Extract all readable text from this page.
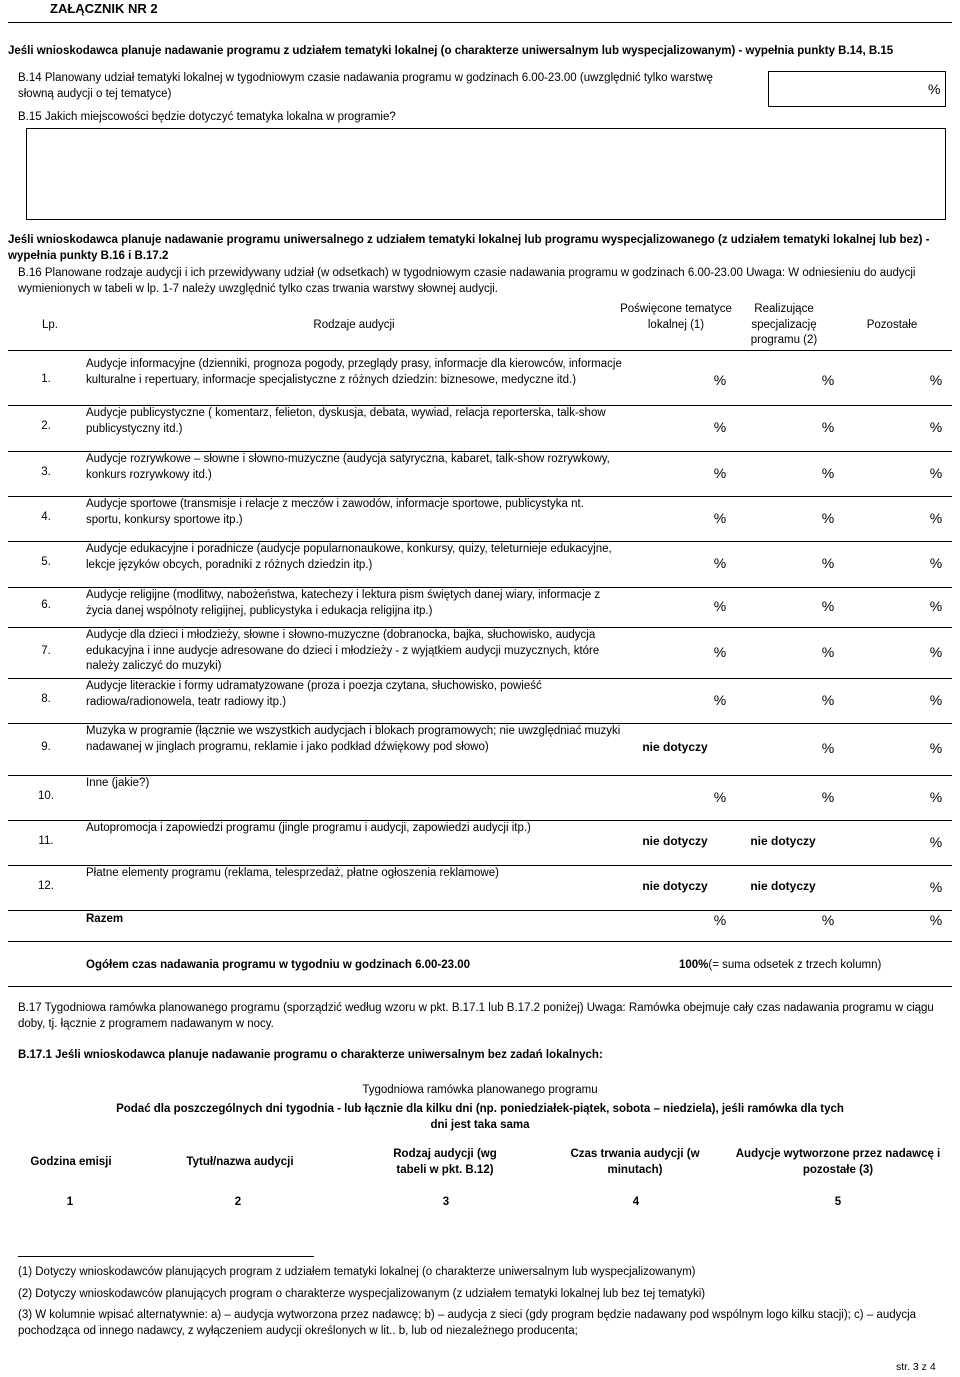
ZAŁĄCZNIK NR 2
Jeśli wnioskodawca planuje nadawanie programu z udziałem tematyki lokalnej (o charakterze uniwersalnym lub wyspecjalizowanym) - wypełnia punkty B.14, B.15
B.14 Planowany udział tematyki lokalnej w tygodniowym czasie nadawania programu w godzinach 6.00-23.00 (uwzględnić tylko warstwę słowną audycji o tej tematyce)	%
B.15 Jakich miejscowości będzie dotyczyć tematyka lokalna w programie?
Jeśli wnioskodawca planuje nadawanie programu uniwersalnego z udziałem tematyki lokalnej lub programu wyspecjalizowanego (z udziałem tematyki lokalnej lub bez) - wypełnia punkty B.16 i B.17.2
B.16 Planowane rodzaje audycji i ich przewidywany udział (w odsetkach) w tygodniowym czasie nadawania programu w godzinach 6.00-23.00 Uwaga: W odniesieniu do audycji wymienionych w tabeli w lp. 1-7 należy uwzględnić tylko czas trwania warstwy słownej audycji.
Lp.	Rodzaje audycji
Poświęcone tematyce lokalnej (1)
Realizujące specjalizację programu (2)
Pozostałe
1.
Audycje informacyjne (dzienniki, prognoza pogody, przeglądy prasy, informacje dla kierowców, informacje kulturalne i repertuary, informacje specjalistyczne z różnych dziedzin: biznesowe, medyczne itd.)	%	%	%
2.
Audycje publicystyczne ( komentarz, felieton, dyskusja, debata, wywiad, relacja reporterska, talk-show publicystyczny itd.)	%	%	%
3.
Audycje rozrywkowe – słowne i słowno-muzyczne (audycja satyryczna, kabaret, talk-show rozrywkowy, konkurs rozrywkowy itd.)	%	%	%
4.
Audycje sportowe (transmisje i relacje z meczów i zawodów, informacje sportowe, publicystyka nt. sportu, konkursy sportowe itp.)	%	%	%
5.
Audycje edukacyjne i poradnicze (audycje popularnonaukowe, konkursy, quizy, teleturnieje edukacyjne, lekcje języków obcych, poradniki z różnych dziedzin itp.)	%	%	%
6.
Audycje religijne (modlitwy, nabożeństwa, katechezy i lektura pism świętych danej wiary, informacje z życia danej wspólnoty religijnej, publicystyka i edukacja religijna itp.)	%	%	%
7.
Audycje dla dzieci i młodzieży, słowne i słowno-muzyczne (dobranocka, bajka, słuchowisko, audycja edukacyjna i inne audycje adresowane do dzieci i młodzieży - z wyjątkiem audycji muzycznych, które należy zaliczyć do muzyki)
%	%	%
8.
Audycje literackie i formy udramatyzowane (proza i poezja czytana, słuchowisko, powieść radiowa/radionowela, teatr radiowy itp.)	%	%	%
9.
Muzyka w programie (łącznie we wszystkich audycjach i blokach programowych; nie uwzględniać muzyki nadawanej w jinglach programu, reklamie i jako podkład dźwiękowy pod słowo)	nie dotyczy	%	%
10.
Inne (jakie?)
%	%	%
11.
Autopromocja i zapowiedzi programu (jingle programu i audycji, zapowiedzi audycji itp.)
nie dotyczy	nie dotyczy	%
12.
Płatne elementy programu (reklama, telesprzedaż, płatne ogłoszenia reklamowe)
nie dotyczy	nie dotyczy	%
Razem	%	%	%
Ogółem czas nadawania programu w tygodniu w godzinach 6.00-23.00	100%(= suma odsetek z trzech kolumn)
B.17 Tygodniowa ramówka planowanego programu (sporządzić według wzoru w pkt. B.17.1 lub B.17.2 poniżej) Uwaga: Ramówka obejmuje cały czas nadawania programu w ciągu doby, tj. łącznie z programem nadawanym w nocy.
B.17.1 Jeśli wnioskodawca planuje nadawanie programu o charakterze uniwersalnym bez zadań lokalnych:
Tygodniowa ramówka planowanego programu
Podać dla poszczególnych dni tygodnia - lub łącznie dla kilku dni (np. poniedziałek-piątek, sobota – niedziela), jeśli ramówka dla tych dni jest taka sama
Godzina emisji	Tytuł/nazwa audycji
Rodzaj audycji (wg tabeli w pkt. B.12)
Czas trwania audycji (w minutach)
Audycje wytworzone przez nadawcę i pozostałe (3)
1	2	3	4	5
(1) Dotyczy wnioskodawców planujących program z udziałem tematyki lokalnej (o charakterze uniwersalnym lub wyspecjalizowanym)
(2) Dotyczy wnioskodawców planujących program o charakterze wyspecjalizowanym (z udziałem tematyki lokalnej lub bez tej tematyki)
(3) W kolumnie wpisać alternatywnie: a) – audycja wytworzona przez nadawcę; b) – audycja z sieci (gdy program będzie nadawany pod wspólnym logo kilku stacji); c) – audycja pochodząca od innego nadawcy, z wyłączeniem audycji określonych w lit.. b, lub od niezależnego producenta;
str. 3 z 4
